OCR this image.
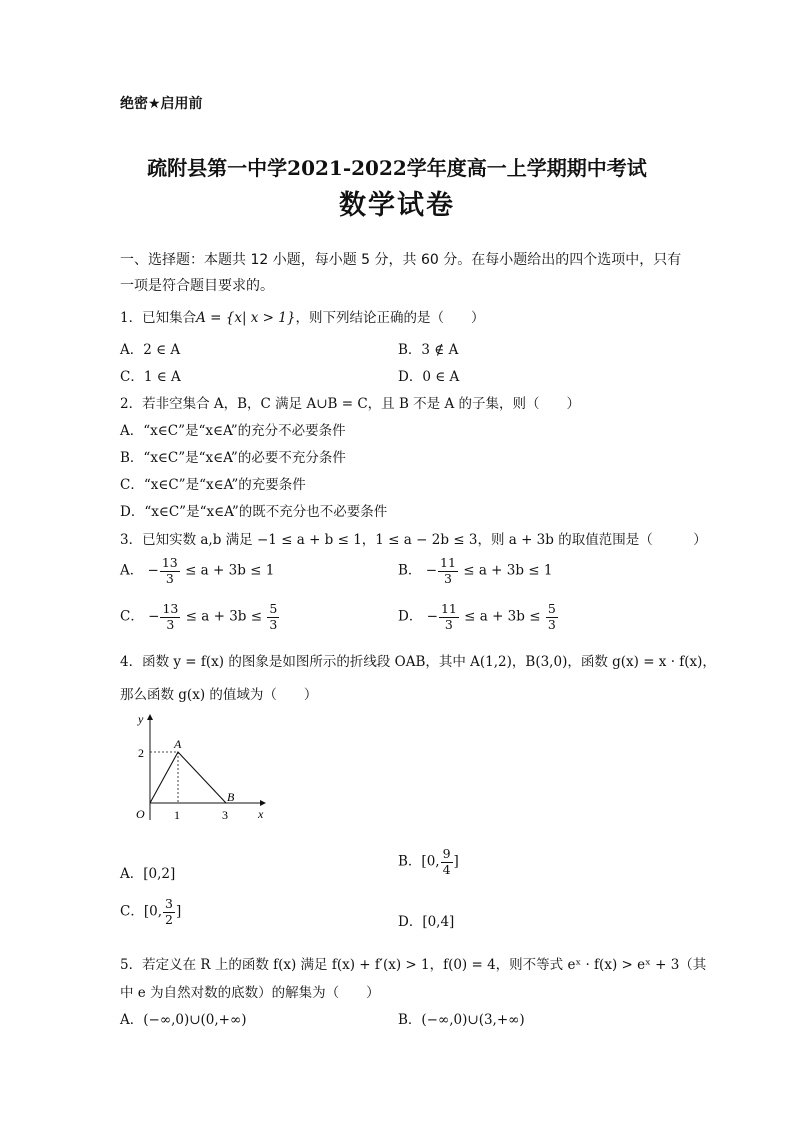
绝密★启用前
疏附县第一中学2021-2022学年度高一上学期期中考试
数学试卷
一、选择题：本题共 12 小题，每小题 5 分，共 60 分。在每小题给出的四个选项中，只有
一项是符合题目要求的。
1．已知集合A = {x| x > 1}，则下列结论正确的是（　　）
A．2 ∈ A	B．3 ∉ A
C．1 ∈ A	D．0 ∈ A
2．若非空集合 A，B，C 满足 A∪B = C，且 B 不是 A 的子集，则（　　）
A．“x∈C”是“x∈A”的充分不必要条件
B．“x∈C”是“x∈A”的必要不充分条件
C．“x∈C”是“x∈A”的充要条件
D．“x∈C”是“x∈A”的既不充分也不必要条件
3．已知实数 a,b 满足 −1 ≤ a + b ≤ 1，1 ≤ a − 2b ≤ 3，则 a + 3b 的取值范围是（　　　）
A． − $\frac{13}{3} \le a + 3b \le 1$	B． − $\frac{11}{3} \le a + 3b \le 1$
C． − $\frac{13}{3} \le a + 3b \le \frac{5}{3}$	D． − $\frac{11}{3} \le a + 3b \le \frac{5}{3}$
4．函数 y = f(x) 的图象是如图所示的折线段 OAB，其中 A(1,2)，B(3,0)，函数 g(x) = x · f(x)，
那么函数 g(x) 的值域为（　　）
y
x
O
A
B
2
1	3
A．[0,2]
B．[0, $\frac{9}{4}$ ]
C．[0, $\frac{3}{2}$ ]
D．[0,4]
5．若定义在 R 上的函数 f(x) 满足 f(x) + f′(x) > 1，f(0) = 4，则不等式 eˣ · f(x) > eˣ + 3（其
中 e 为自然对数的底数）的解集为（　　）
A．(−∞,0)∪(0,+∞)	B．(−∞,0)∪(3,+∞)
